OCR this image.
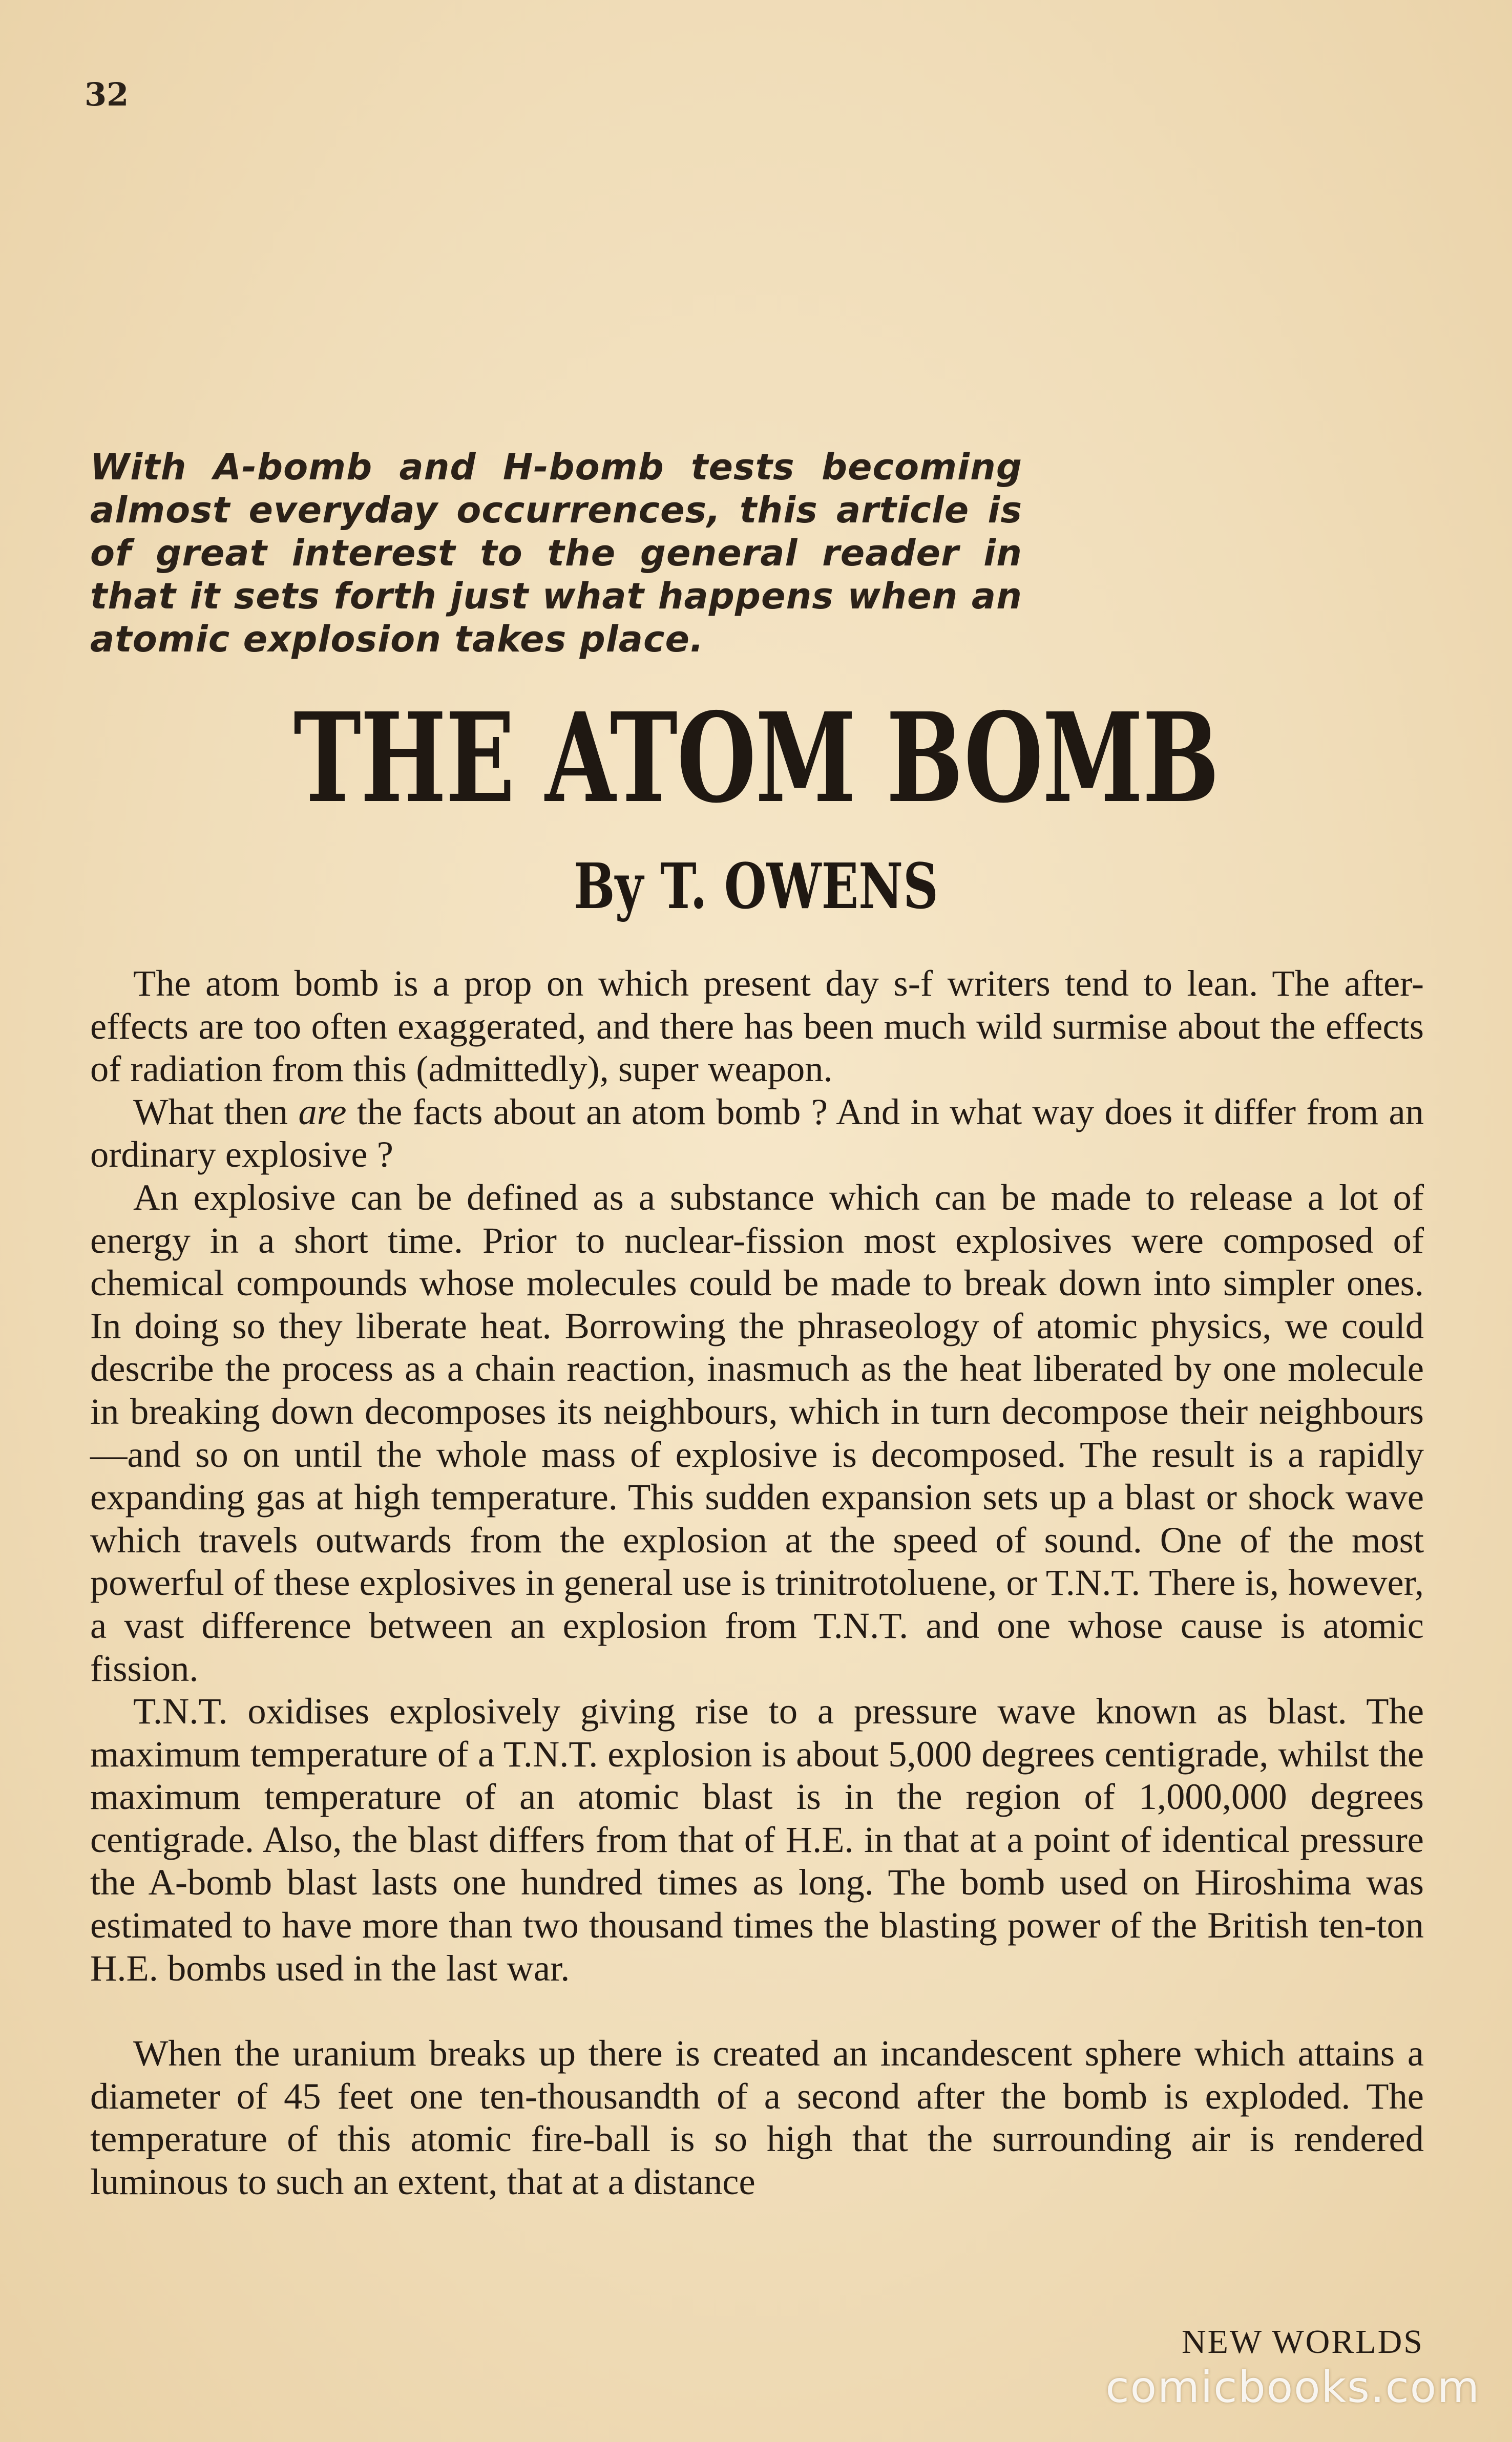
32

With A-bomb and H-bomb tests becoming almost everyday occurrences, this article is of great interest to the general reader in that it sets forth just what happens when an atomic explosion takes place.

THE ATOM BOMB

By T. OWENS

The atom bomb is a prop on which present day s-f writers tend to lean. The after-effects are too often exaggerated, and there has been much wild surmise about the effects of radiation from this (admittedly), super weapon.

What then are the facts about an atom bomb ? And in what way does it differ from an ordinary explosive ?

An explosive can be defined as a substance which can be made to release a lot of energy in a short time. Prior to nuclear-fission most explosives were composed of chemical compounds whose molecules could be made to break down into simpler ones. In doing so they liberate heat. Borrowing the phraseology of atomic physics, we could describe the process as a chain reaction, inasmuch as the heat liberated by one molecule in breaking down decomposes its neighbours, which in turn decompose their neighbours—and so on until the whole mass of explosive is decomposed. The result is a rapidly expanding gas at high temperature. This sudden expansion sets up a blast or shock wave which travels outwards from the explosion at the speed of sound. One of the most powerful of these explosives in general use is trinitrotoluene, or T.N.T. There is, however, a vast difference between an explosion from T.N.T. and one whose cause is atomic fission.

T.N.T. oxidises explosively giving rise to a pressure wave known as blast. The maximum temperature of a T.N.T. explosion is about 5,000 degrees centigrade, whilst the maximum temperature of an atomic blast is in the region of 1,000,000 degrees centigrade. Also, the blast differs from that of H.E. in that at a point of identical pressure the A-bomb blast lasts one hundred times as long. The bomb used on Hiroshima was estimated to have more than two thousand times the blasting power of the British ten-ton H.E. bombs used in the last war.

When the uranium breaks up there is created an incandescent sphere which attains a diameter of 45 feet one ten-thousandth of a second after the bomb is exploded. The temperature of this atomic fire-ball is so high that the surrounding air is rendered luminous to such an extent, that at a distance

NEW WORLDS

comicbooks.com
